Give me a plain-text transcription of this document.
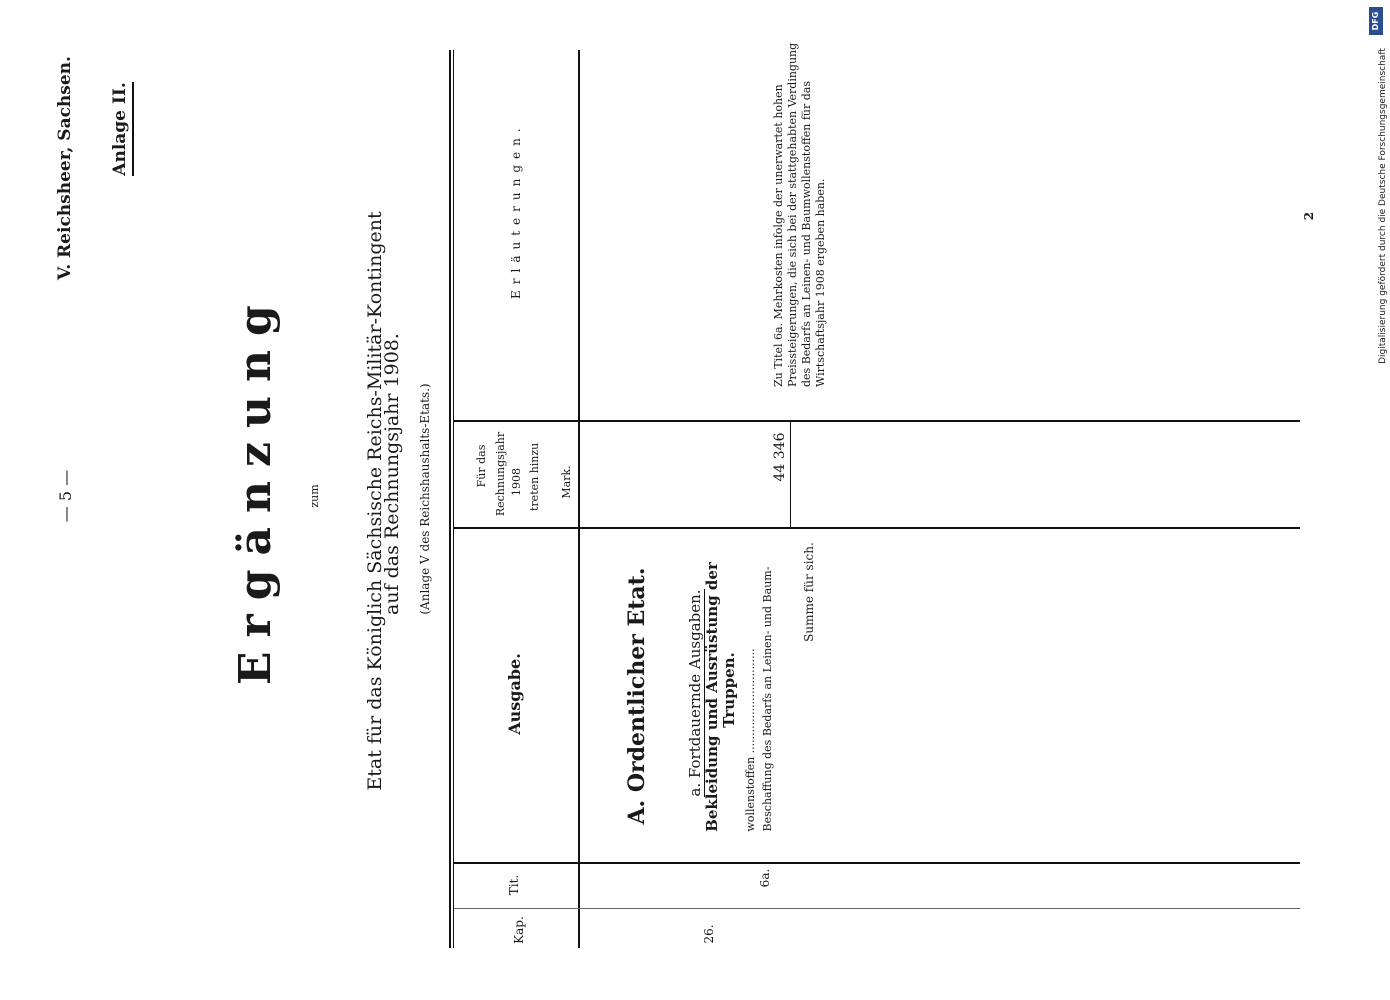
— 5 —
V. Reichsheer, Sachsen. Anlage II.
Ergänzung zum Etat für das Königlich Sächsische Reichs-Militär-Kontingent
auf das Rechnungsjahr 1908. (Anlage V des Reichshaushalts-Etats.)
Kap.
Tit.
Ausgabe.
Für das Rechnungsjahr 1908 treten hinzu Mark.
Erläuterungen.
26.
6a.
A. Ordentlicher Etat. a. Fortdauernde Ausgaben. Bekleidung und Ausrüstung der Truppen. Beschaffung des Bedarfs an Leinen- und Baum-
wollenstoffen ..............................
Summe für sich.
44 346
Zu Titel 6a. Mehrkosten infolge der unerwartet hohen Preissteigerungen, die sich bei der stattgehabten Verdingung des Bedarfs an Leinen- und Baumwollenstoffen für das Wirtschaftsjahr 1908 ergeben haben.	2	Digitalisierung gefördert durch die Deutsche Forschungsgemeinschaft
DFG
